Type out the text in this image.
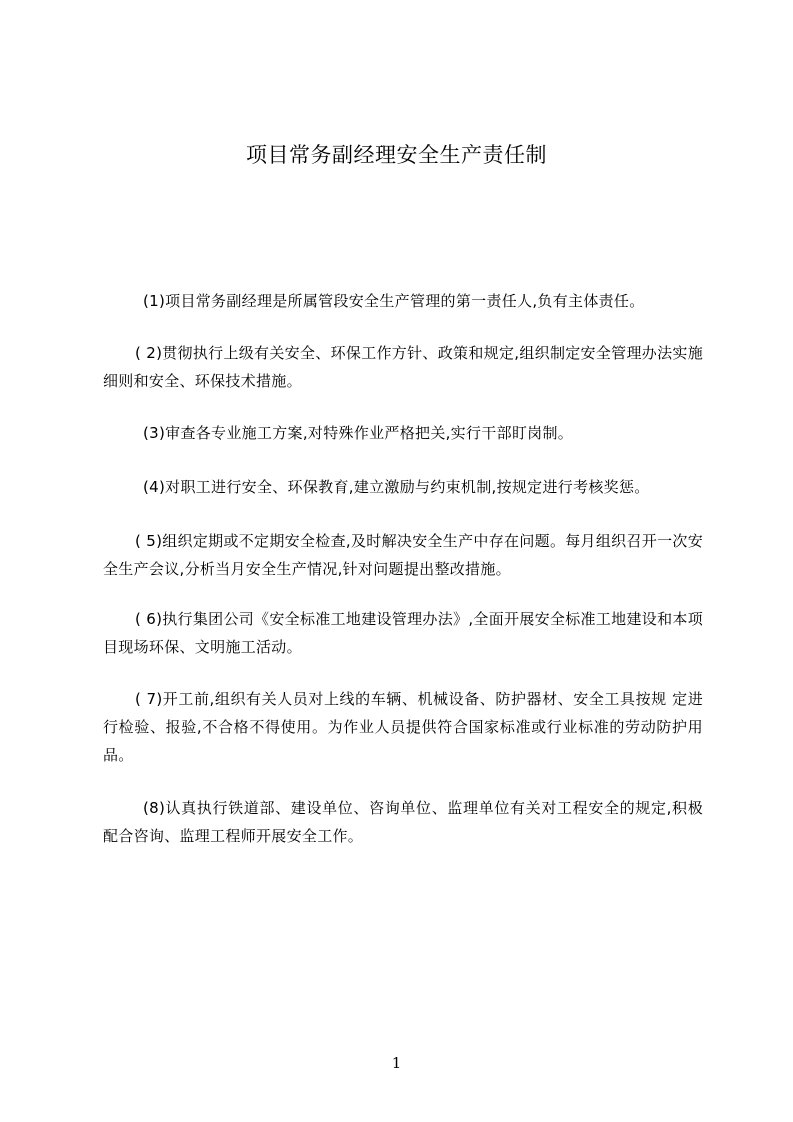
项目常务副经理安全生产责任制
(1)项目常务副经理是所属管段安全生产管理的第一责任人,负有主体责任。
( 2)贯彻执行上级有关安全、环保工作方针、政策和规定,组织制定安全管理办法实施细则和安全、环保技术措施。
(3)审查各专业施工方案,对特殊作业严格把关,实行干部盯岗制。
(4)对职工进行安全、环保教育,建立激励与约束机制,按规定进行考核奖惩。
( 5)组织定期或不定期安全检查,及时解决安全生产中存在问题。每月组织召开一次安全生产会议,分析当月安全生产情况,针对问题提出整改措施。
( 6)执行集团公司《安全标准工地建设管理办法》,全面开展安全标准工地建设和本项目现场环保、文明施工活动。
( 7)开工前,组织有关人员对上线的车辆、机械设备、防护器材、安全工具按规 定进行检验、报验,不合格不得使用。为作业人员提供符合国家标准或行业标准的劳动防护用品。
(8)认真执行铁道部、建设单位、咨询单位、监理单位有关对工程安全的规定,积极配合咨询、监理工程师开展安全工作。
1
